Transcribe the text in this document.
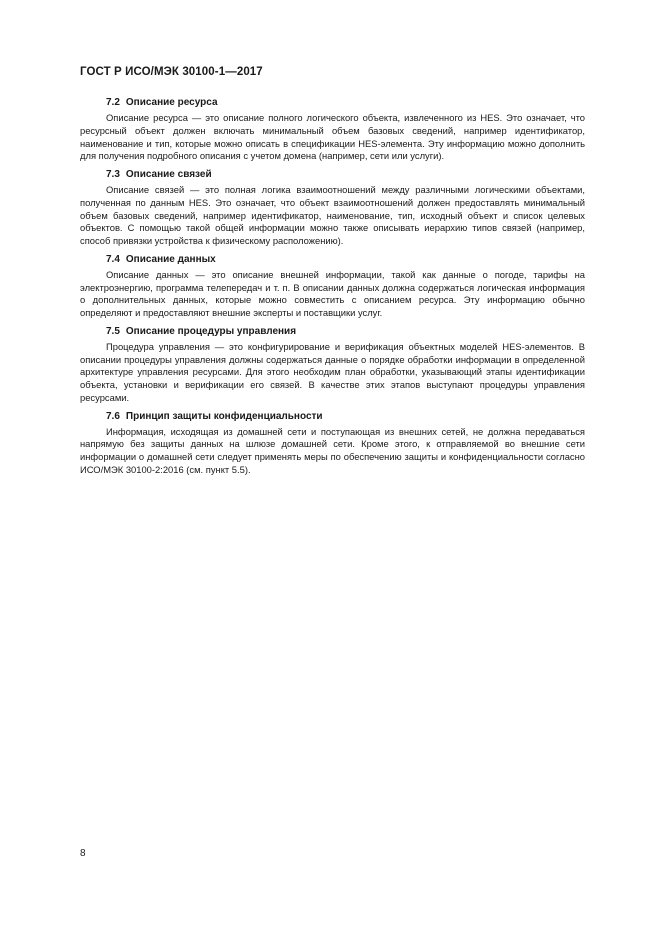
ГОСТ Р ИСО/МЭК 30100-1—2017
7.2 Описание ресурса

Описание ресурса — это описание полного логического объекта, извлеченного из HES. Это означает, что ресурсный объект должен включать минимальный объем базовых сведений, например идентификатор, наименование и тип, которые можно описать в спецификации HES-элемента. Эту информацию можно дополнить для получения подробного описания с учетом домена (например, сети или услуги).

7.3 Описание связей

Описание связей — это полная логика взаимоотношений между различными логическими объектами, полученная по данным HES. Это означает, что объект взаимоотношений должен предоставлять минимальный объем базовых сведений, например идентификатор, наименование, тип, исходный объект и список целевых объектов. С помощью такой общей информации можно также описывать иерархию типов связей (например, способ привязки устройства к физическому расположению).

7.4 Описание данных

Описание данных — это описание внешней информации, такой как данные о погоде, тарифы на электроэнергию, программа телепередач и т. п. В описании данных должна содержаться логическая информация о дополнительных данных, которые можно совместить с описанием ресурса. Эту информацию обычно определяют и предоставляют внешние эксперты и поставщики услуг.

7.5 Описание процедуры управления

Процедура управления — это конфигурирование и верификация объектных моделей HES-элементов. В описании процедуры управления должны содержаться данные о порядке обработки информации в определенной архитектуре управления ресурсами. Для этого необходим план обработки, указывающий этапы идентификации объекта, установки и верификации его связей. В качестве этих этапов выступают процедуры управления ресурсами.

7.6 Принцип защиты конфиденциальности

Информация, исходящая из домашней сети и поступающая из внешних сетей, не должна передаваться напрямую без защиты данных на шлюзе домашней сети. Кроме этого, к отправляемой во внешние сети информации о домашней сети следует применять меры по обеспечению защиты и конфиденциальности согласно ИСО/МЭК 30100-2:2016 (см. пункт 5.5).

8
